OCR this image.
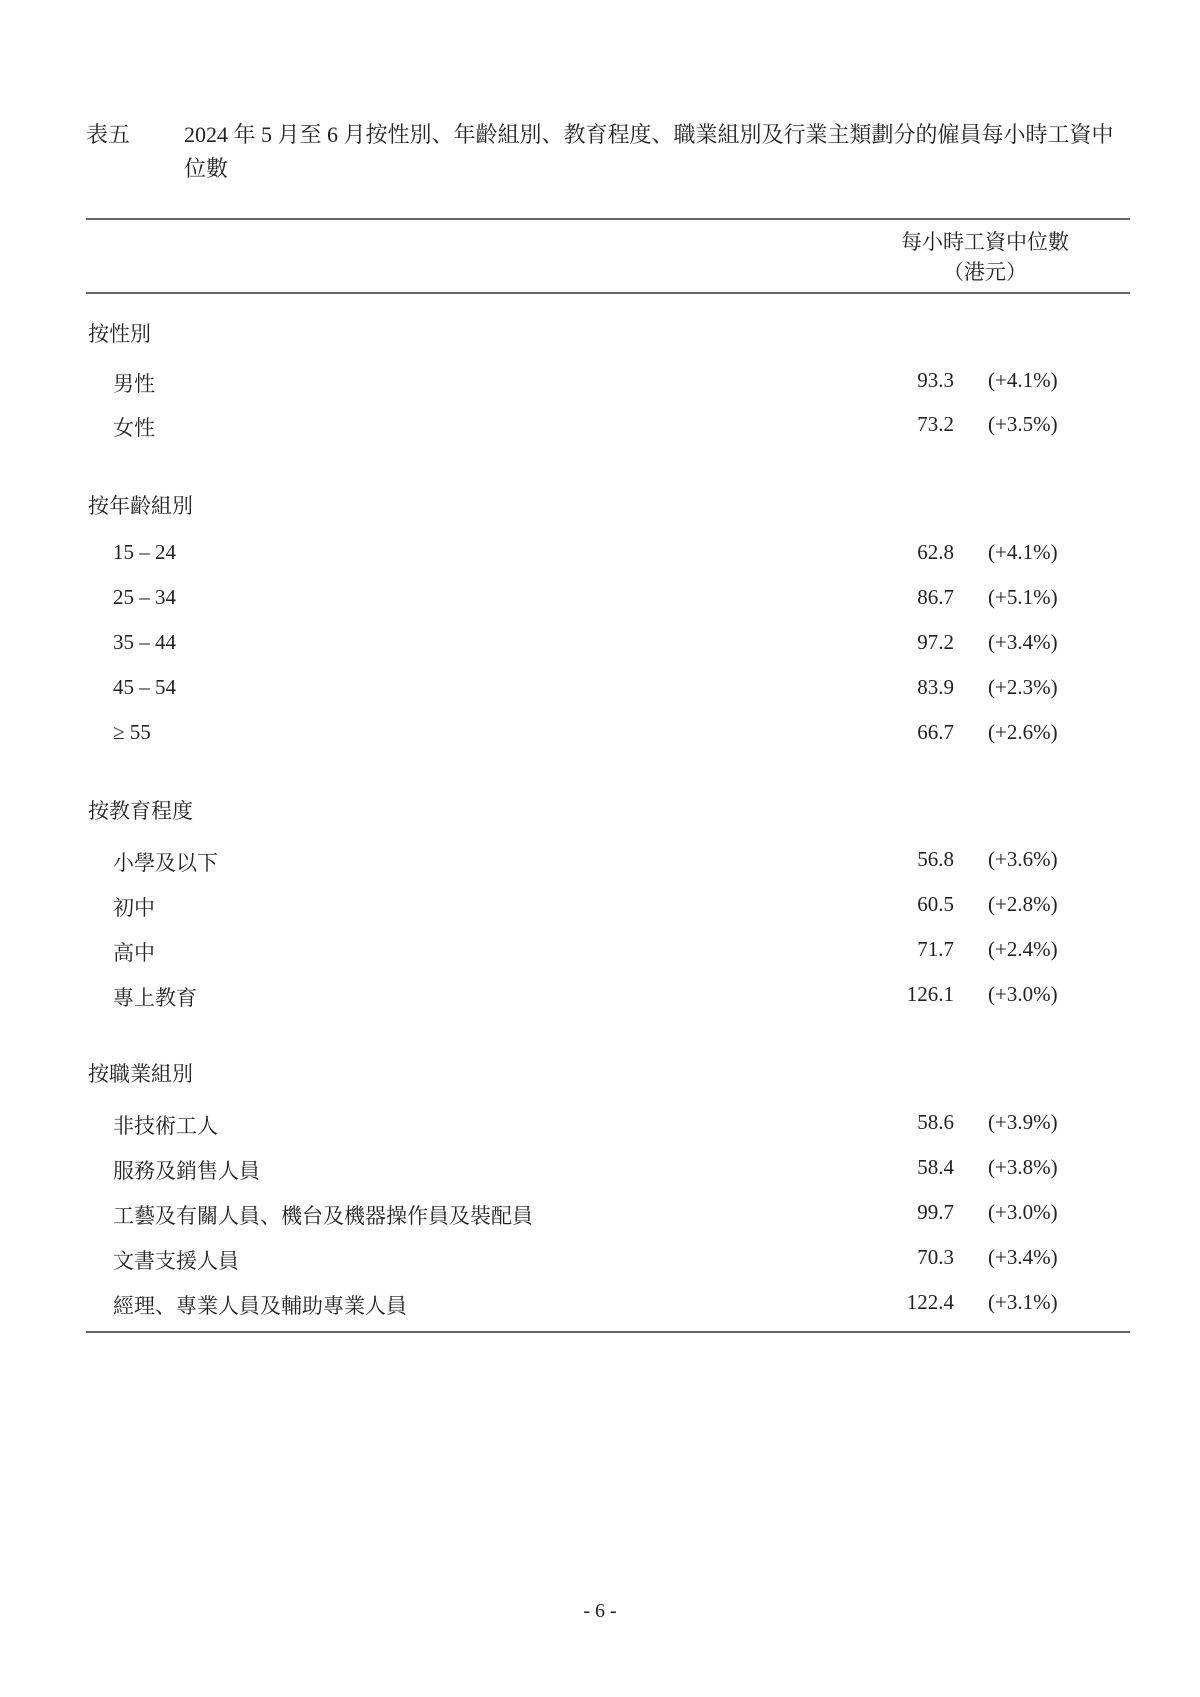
表五 2024 年 5 月至 6 月按性別、年齡組別、教育程度、職業組別及行業主類劃分的僱員每小時工資中位數
每小時工資中位數
（港元）
按性別
男性	93.3 (+4.1%)
女性	73.2 (+3.5%)
按年齡組別
15 – 24	62.8 (+4.1%)
25 – 34	86.7 (+5.1%)
35 – 44	97.2 (+3.4%)
45 – 54	83.9 (+2.3%)
≥ 55	66.7 (+2.6%)
按教育程度
小學及以下	56.8 (+3.6%)
初中	60.5 (+2.8%)
高中	71.7 (+2.4%)
專上教育	126.1 (+3.0%)
按職業組別
非技術工人	58.6 (+3.9%)
服務及銷售人員	58.4 (+3.8%)
工藝及有關人員、機台及機器操作員及裝配員	99.7 (+3.0%)
文書支援人員	70.3 (+3.4%)
經理、專業人員及輔助專業人員	122.4 (+3.1%)
- 6 -
